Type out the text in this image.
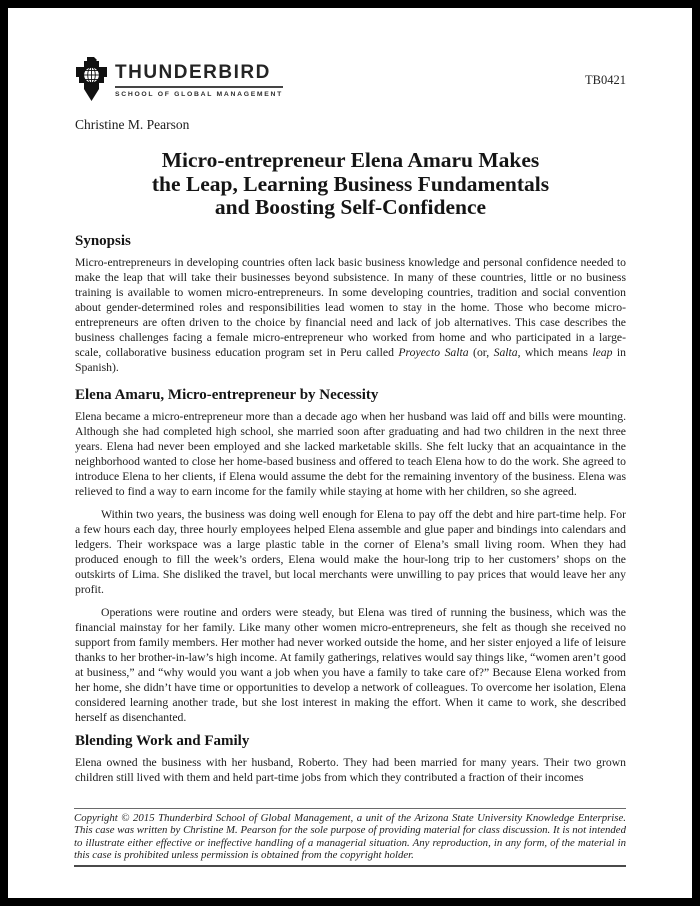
THUNDERBIRD
SCHOOL OF GLOBAL MANAGEMENT
TB0421
Christine M. Pearson
Micro-entrepreneur Elena Amaru Makes
the Leap, Learning Business Fundamentals
and Boosting Self-Confidence
Synopsis

Micro-entrepreneurs in developing countries often lack basic business knowledge and personal confidence needed to make the leap that will take their businesses beyond subsistence. In many of these countries, little or no business training is available to women micro-entrepreneurs. In some developing countries, tradition and social convention about gender-determined roles and responsibilities lead women to stay in the home. Those who become micro-entrepreneurs are often driven to the choice by financial need and lack of job alternatives. This case describes the business challenges facing a female micro-entrepreneur who worked from home and who participated in a large-scale, collaborative business education program set in Peru called Proyecto Salta (or, Salta, which means leap in Spanish).

Elena Amaru, Micro-entrepreneur by Necessity

Elena became a micro-entrepreneur more than a decade ago when her husband was laid off and bills were mounting. Although she had completed high school, she married soon after graduating and had two children in the next three years. Elena had never been employed and she lacked marketable skills. She felt lucky that an acquaintance in the neighborhood wanted to close her home-based business and offered to teach Elena how to do the work. She agreed to introduce Elena to her clients, if Elena would assume the debt for the remaining inventory of the business. Elena was relieved to find a way to earn income for the family while staying at home with her children, so she agreed.

Within two years, the business was doing well enough for Elena to pay off the debt and hire part-time help. For a few hours each day, three hourly employees helped Elena assemble and glue paper and bindings into calendars and ledgers. Their workspace was a large plastic table in the corner of Elena’s small living room. When they had produced enough to fill the week’s orders, Elena would make the hour-long trip to her customers’ shops on the outskirts of Lima. She disliked the travel, but local merchants were unwilling to pay prices that would leave her any profit.

Operations were routine and orders were steady, but Elena was tired of running the business, which was the financial mainstay for her family. Like many other women micro-entrepreneurs, she felt as though she received no support from family members. Her mother had never worked outside the home, and her sister enjoyed a life of leisure thanks to her brother-in-law’s high income. At family gatherings, relatives would say things like, “women aren’t good at business,” and “why would you want a job when you have a family to take care of?” Because Elena worked from her home, she didn’t have time or opportunities to develop a network of colleagues. To overcome her isolation, Elena considered learning another trade, but she lost interest in making the effort. When it came to work, she described herself as disenchanted.

Blending Work and Family

Elena owned the business with her husband, Roberto. They had been married for many years. Their two grown children still lived with them and held part-time jobs from which they contributed a fraction of their incomes

Copyright © 2015 Thunderbird School of Global Management, a unit of the Arizona State University Knowledge Enterprise. This case was written by Christine M. Pearson for the sole purpose of providing material for class discussion. It is not intended to illustrate either effective or ineffective handling of a managerial situation. Any reproduction, in any form, of the material in this case is prohibited unless permission is obtained from the copyright holder.
